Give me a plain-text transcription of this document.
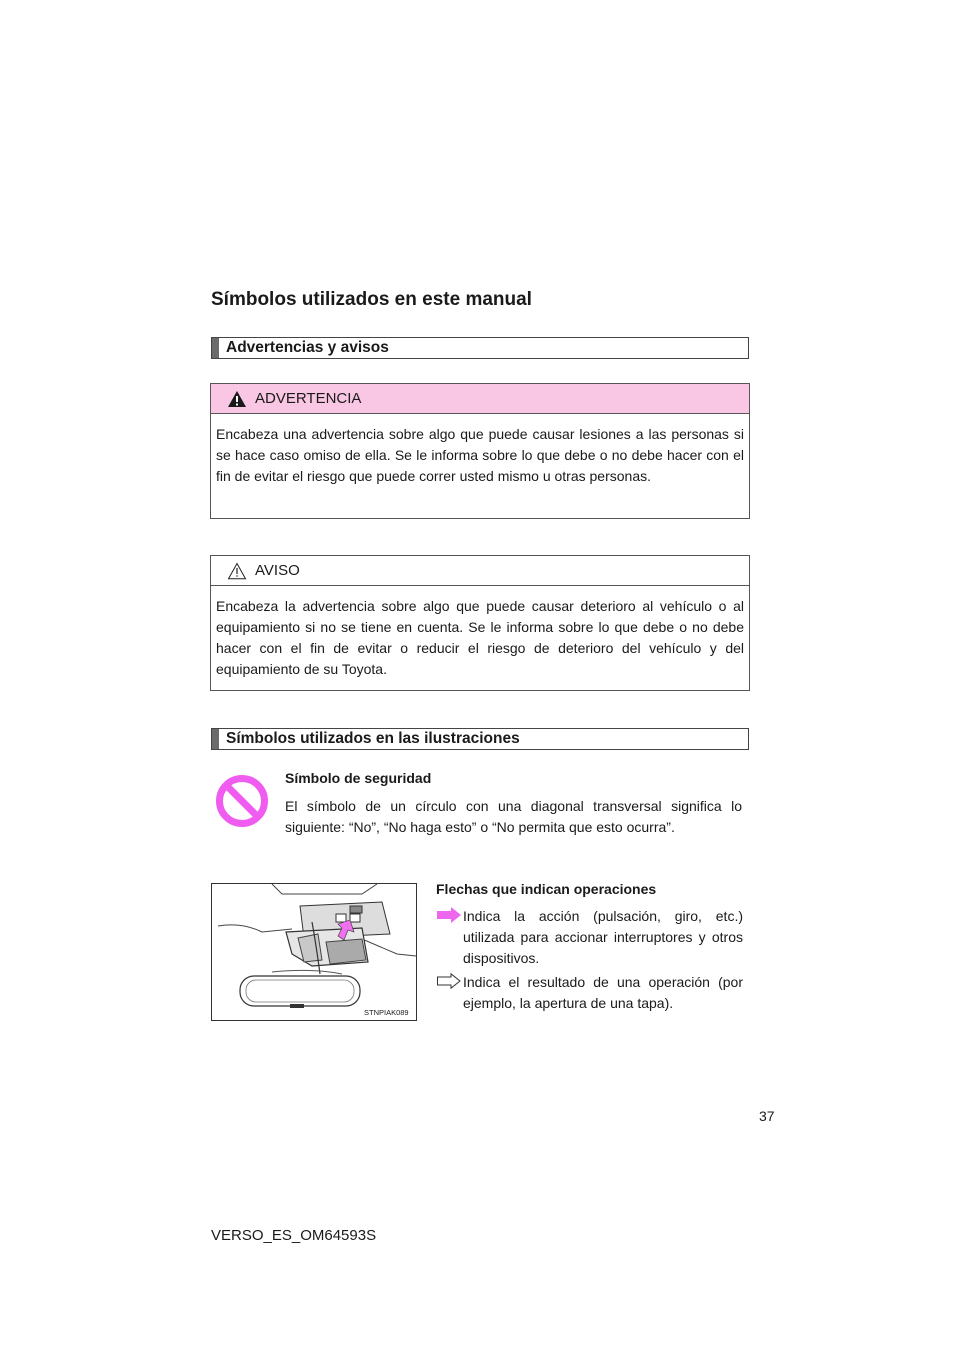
Símbolos utilizados en este manual
Advertencias y avisos
ADVERTENCIA
Encabeza una advertencia sobre algo que puede causar lesiones a las personas si se hace caso omiso de ella. Se le informa sobre lo que debe o no debe hacer con el fin de evitar el riesgo que puede correr usted mismo u otras personas.
AVISO
Encabeza la advertencia sobre algo que puede causar deterioro al vehículo o al equipamiento si no se tiene en cuenta. Se le informa sobre lo que debe o no debe hacer con el fin de evitar o reducir el riesgo de deterioro del vehículo y del equipamiento de su Toyota.
Símbolos utilizados en las ilustraciones
Símbolo de seguridad
El símbolo de un círculo con una diagonal transversal significa lo siguiente: “No”, “No haga esto” o “No permita que esto ocurra”.
STNPIAK089
Flechas que indican operaciones
Indica la acción (pulsación, giro, etc.) utilizada para accionar interruptores y otros dispositivos.
Indica el resultado de una operación (por ejemplo, la apertura de una tapa).
37
VERSO_ES_OM64593S
